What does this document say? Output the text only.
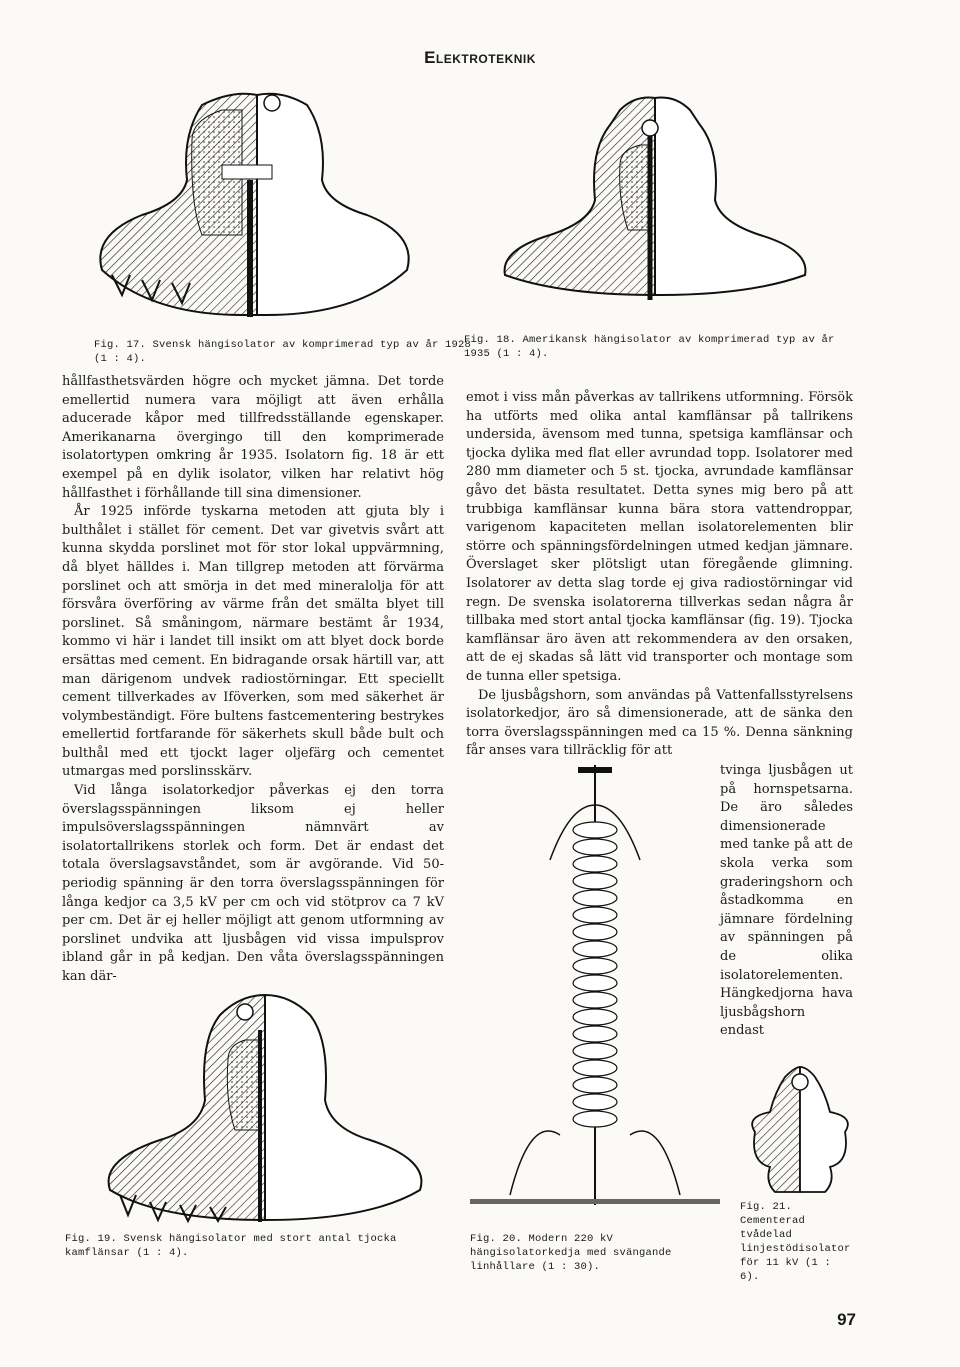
Elektroteknik
Fig. 17. Svensk hängisolator av komprimerad typ av år 1928 (1 : 4).
Fig. 18. Amerikansk hängisolator av komprimerad typ av år 1935 (1 : 4).

hållfasthetsvärden högre och mycket jämna. Det torde emellertid numera vara möjligt att även erhålla aducerade kåpor med tillfredsställande egenskaper. Amerikanarna övergingo till den komprimerade isolatortypen omkring år 1935. Isolatorn fig. 18 är ett exempel på en dylik isolator, vilken har relativt hög hållfasthet i förhållande till sina dimensioner.

År 1925 införde tyskarna metoden att gjuta bly i bulthålet i stället för cement. Det var givetvis svårt att kunna skydda porslinet mot för stor lokal uppvärmning, då blyet hälldes i. Man tillgrep metoden att förvärma porslinet och att smörja in det med mineralolja för att försvåra överföring av värme från det smälta blyet till porslinet. Så småningom, närmare bestämt år 1934, kommo vi här i landet till insikt om att blyet dock borde ersättas med cement. En bidragande orsak härtill var, att man därigenom undvek radiostörningar. Ett speciellt cement tillverkades av Iföverken, som med säkerhet är volymbeständigt. Före bultens fastcementering bestrykes emellertid fortfarande för säkerhets skull både bult och bulthål med ett tjockt lager oljefärg och cementet utmargas med porslinsskärv.

Vid långa isolatorkedjor påverkas ej den torra överslagsspänningen liksom ej heller impulsöverslagsspänningen nämnvärt av isolatortallrikens storlek och form. Det är endast det totala överslagsavståndet, som är avgörande. Vid 50-periodig spänning är den torra överslagsspänningen för långa kedjor ca 3,5 kV per cm och vid stötprov ca 7 kV per cm. Det är ej heller möjligt att genom utformning av porslinet undvika att ljusbågen vid vissa impulsprov ibland går in på kedjan. Den våta överslagsspänningen kan där-

emot i viss mån påverkas av tallrikens utformning. Försök ha utförts med olika antal kamflänsar på tallrikens undersida, ävensom med tunna, spetsiga kamflänsar och tjocka dylika med flat eller avrundad topp. Isolatorer med 280 mm diameter och 5 st. tjocka, avrundade kamflänsar gåvo det bästa resultatet. Detta synes mig bero på att trubbiga kamflänsar kunna bära stora vattendroppar, varigenom kapaciteten mellan isolatorelementen blir större och spänningsfördelningen utmed kedjan jämnare. Överslaget sker plötsligt utan föregående glimning. Isolatorer av detta slag torde ej giva radiostörningar vid regn. De svenska isolatorerna tillverkas sedan några år tillbaka med stort antal tjocka kamflänsar (fig. 19). Tjocka kamflänsar äro även att rekommendera av den orsaken, att de ej skadas så lätt vid transporter och montage som de tunna eller spetsiga.

De ljusbågshorn, som användas på Vattenfallsstyrelsens isolatorkedjor, äro så dimensionerade, att de sänka den torra överslagsspänningen med ca 15 %. Denna sänkning får anses vara tillräcklig för att

tvinga ljusbågen ut på hornspetsarna. De äro således dimensionerade med tanke på att de skola verka som graderingshorn och åstadkomma en jämnare fördelning av spänningen på de olika isolatorelementen. Hängkedjorna hava ljusbågshorn endast
Fig. 19. Svensk hängisolator med stort antal tjocka kamflänsar (1 : 4).
Fig. 20. Modern 220 kV hängisolatorkedja med svängande linhållare (1 : 30).
Fig. 21. Cementerad tvådelad linjestödisolator för 11 kV (1 : 6).
97
